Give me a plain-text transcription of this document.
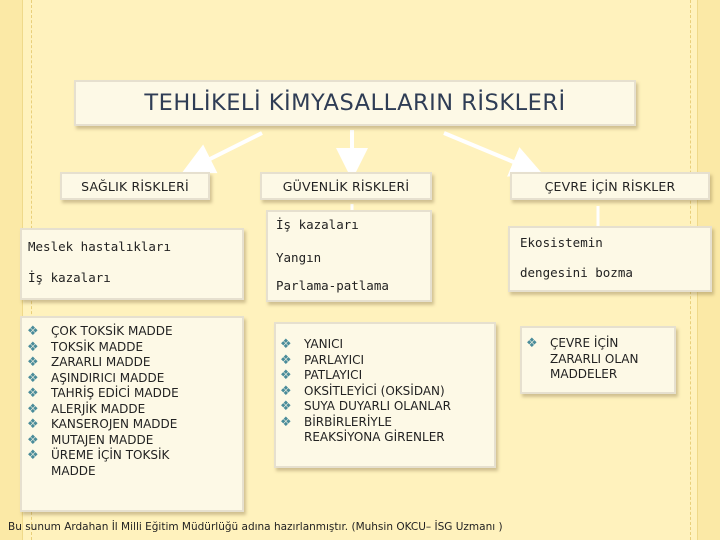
TEHLİKELİ KİMYASALLARIN RİSKLERİ
SAĞLIK RİSKLERİ	GÜVENLİK RİSKLERİ	ÇEVRE İÇİN RİSKLER
Meslek hastalıkları
İş kazaları
❖ ÇOK TOKSİK MADDE
❖ TOKSİK MADDE
❖ ZARARLI MADDE
❖ AŞINDIRICI MADDE
❖ TAHRİŞ EDİCİ MADDE
❖ ALERJİK MADDE
❖ KANSEROJEN MADDE
❖ MUTAJEN MADDE
❖ ÜREME İÇİN TOKSİK MADDE
İş kazaları
Yangın
Parlama-patlama
❖ YANICI
❖ PARLAYICI
❖ PATLAYICI
❖ OKSİTLEYİCİ (OKSİDAN)
❖ SUYA DUYARLI OLANLAR
❖ BİRBİRLERİYLE REAKSİYONA GİRENLER
Ekosistemin
dengesini bozma
❖ ÇEVRE İÇİN ZARARLI OLAN MADDELER
Bu sunum Ardahan İl Milli Eğitim Müdürlüğü adına hazırlanmıştır. (Muhsin OKCU– İSG Uzmanı )
